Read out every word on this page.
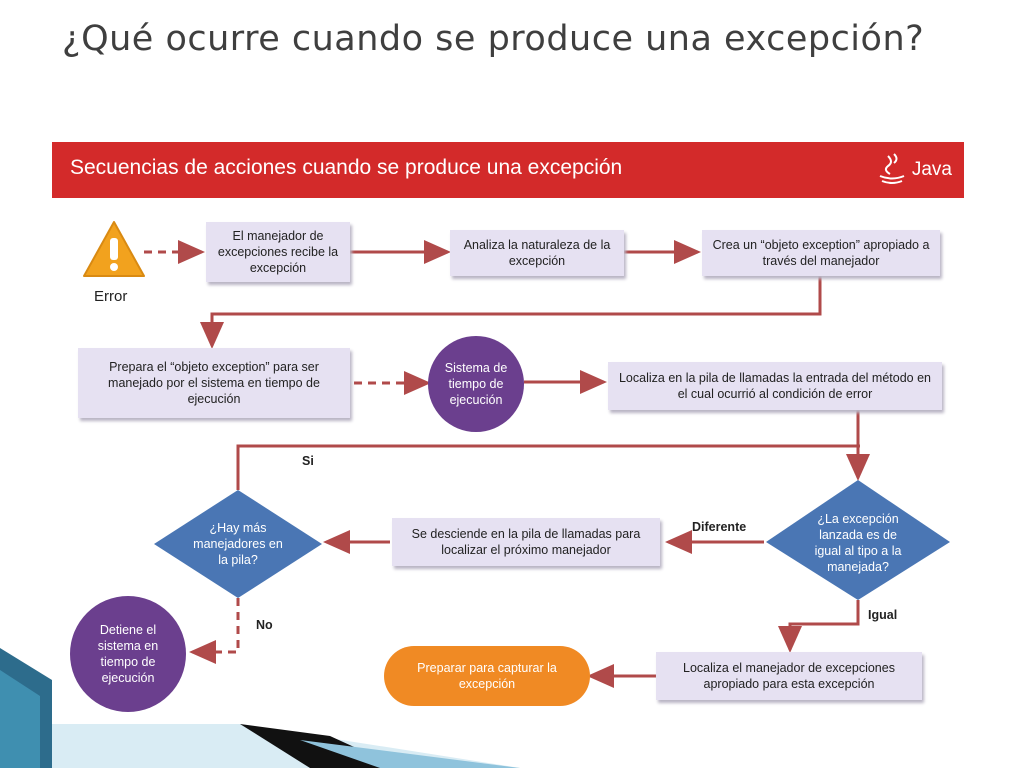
¿Qué ocurre cuando se produce una excepción?
Secuencias de acciones cuando se produce una excepción	Java
Error
El manejador de excepciones recibe la excepción
Analiza la naturaleza de la excepción
Crea un “objeto exception” apropiado a través del manejador
Prepara el “objeto exception” para ser manejado por el sistema en tiempo de ejecución
Localiza en la pila de llamadas la entrada del método en el cual ocurrió al condición de error
Se desciende en la pila de llamadas para localizar el próximo manejador
Localiza el manejador de excepciones apropiado para esta excepción
Sistema de tiempo de ejecución
Detiene el sistema en tiempo de ejecución
¿Hay más manejadores en la pila?
¿La excepción lanzada es de igual al tipo a la manejada?
Preparar para capturar la excepción
Si
No
Diferente
Igual
